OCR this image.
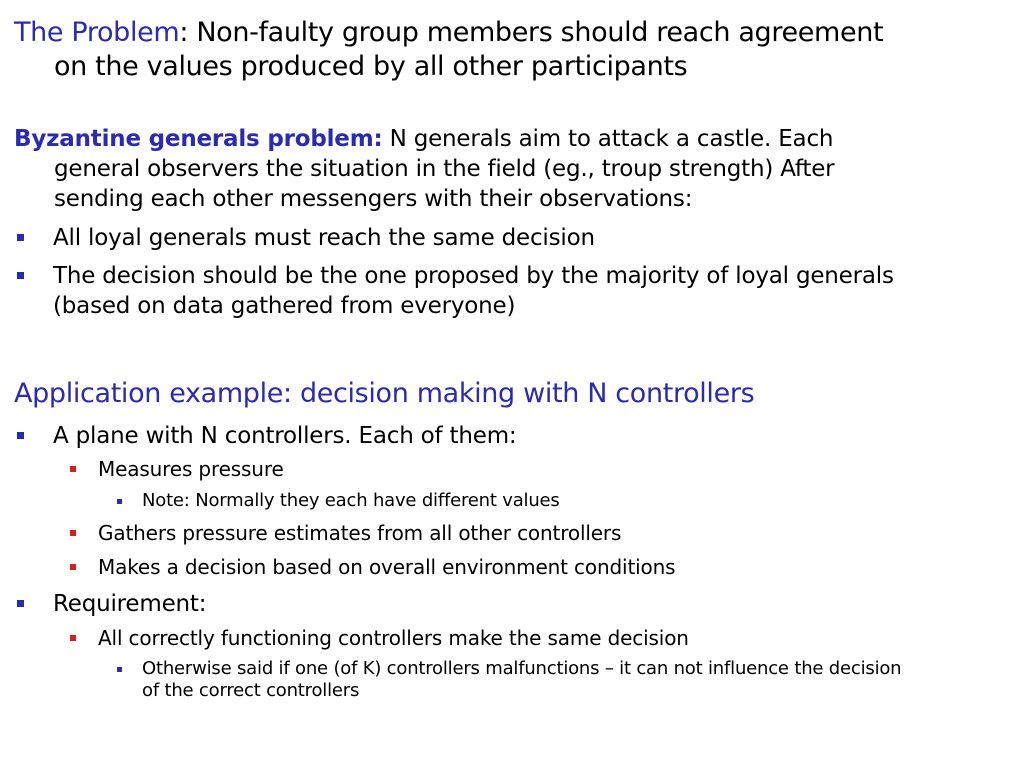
The Problem: Non-faulty group members should reach agreement
on the values produced by all other participants
Byzantine generals problem: N generals aim to attack a castle. Each
general observers the situation in the field (eg., troup strength) After
sending each other messengers with their observations:
All loyal generals must reach the same decision
The decision should be the one proposed by the majority of loyal generals
(based on data gathered from everyone)
Application example: decision making with N controllers
A plane with N controllers. Each of them:
Measures pressure
Note: Normally they each have different values
Gathers pressure estimates from all other controllers
Makes a decision based on overall environment conditions
Requirement:
All correctly functioning controllers make the same decision
Otherwise said if one (of K) controllers malfunctions – it can not influence the decision
of the correct controllers
